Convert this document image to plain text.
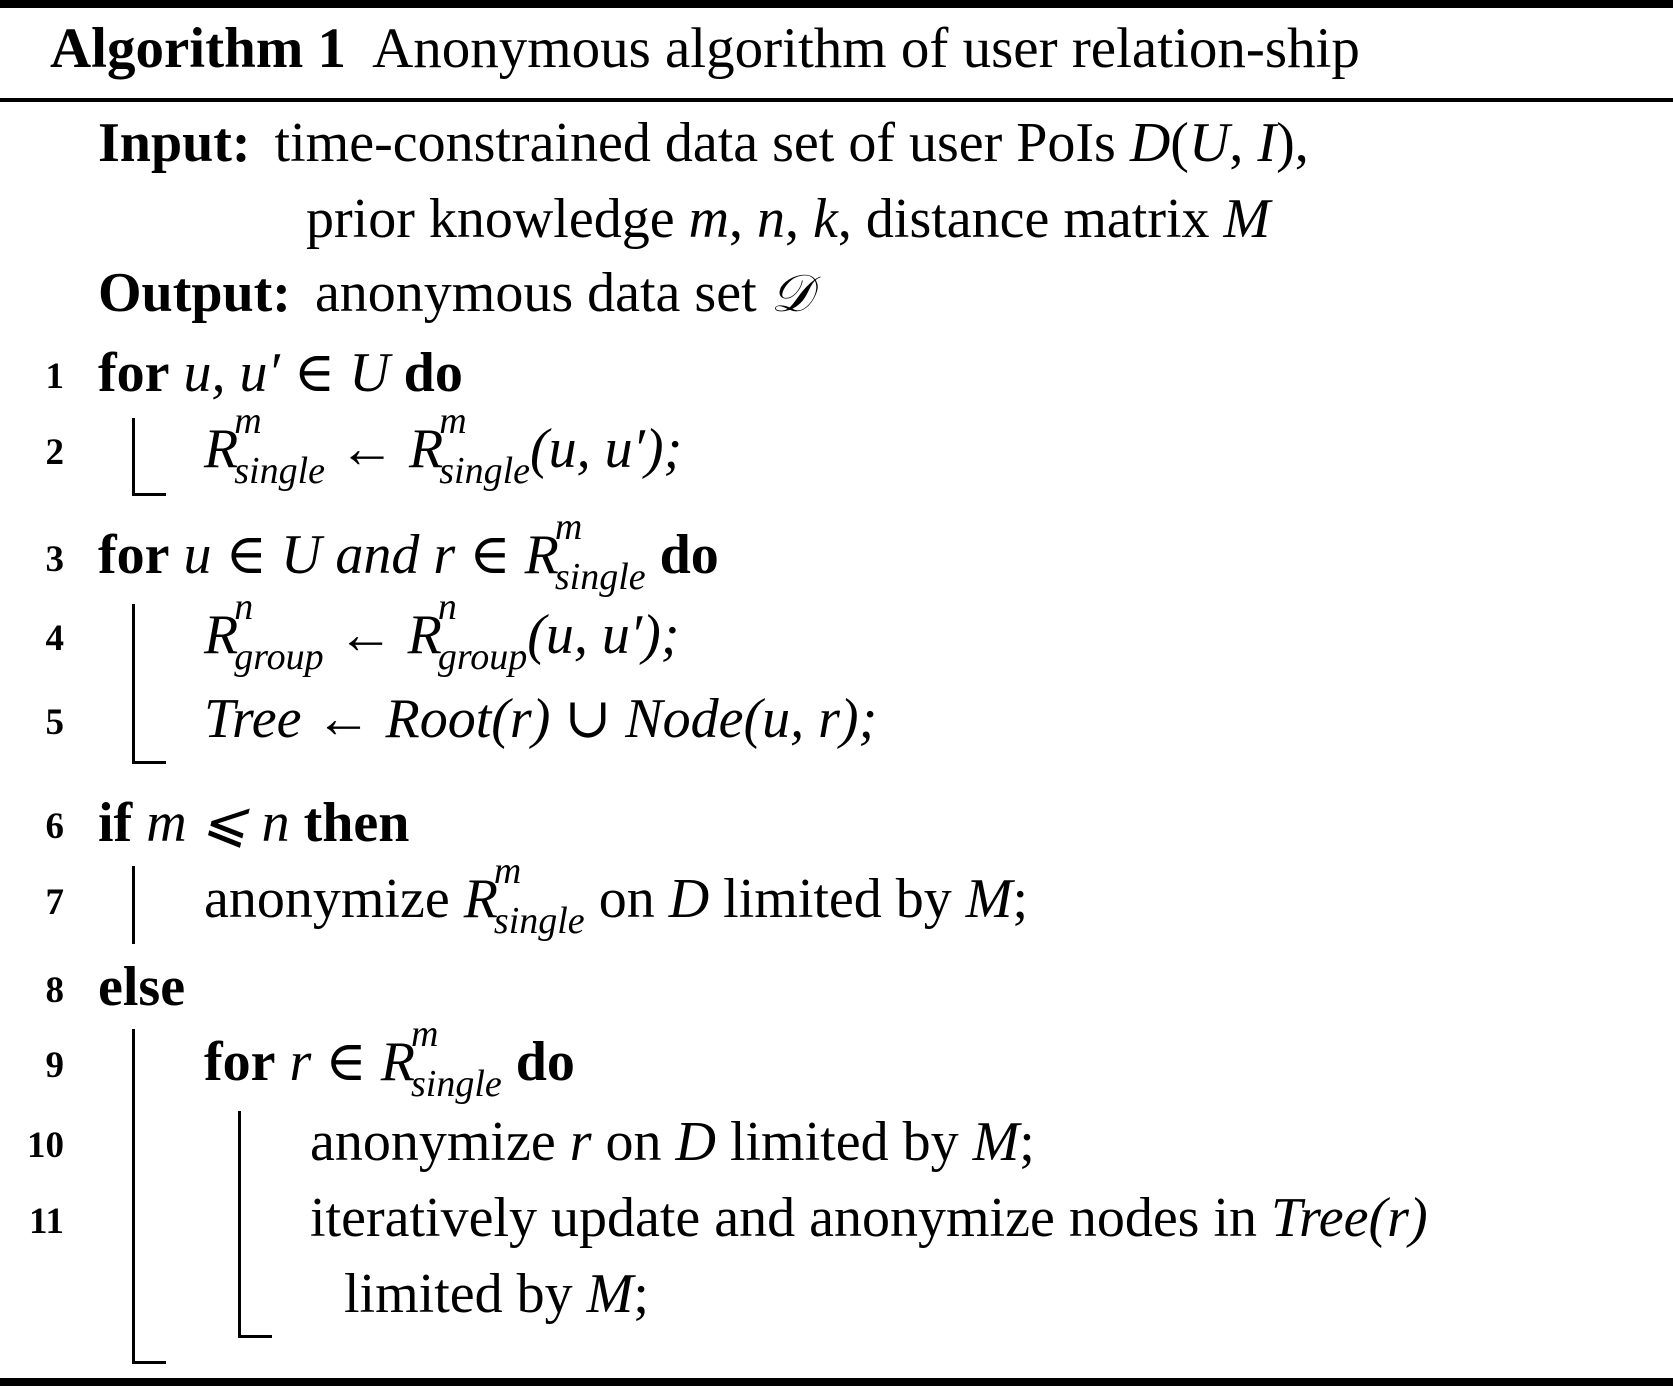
Algorithm 1 Anonymous algorithm of user relation-ship
Input: time-constrained data set of user PoIs D(U, I),
prior knowledge m, n, k, distance matrix M
Output: anonymous data set 𝒟
1
2
3
4
5
6
7
8
9
10
11
for u, u′ ∈ U do
R
m
single ← R
m
single(u, u′);
for u ∈ U and r ∈ R
m
single do
R
n
group ← R
n
group(u, u′);
Tree ← Root(r) ∪ Node(u, r);
if m ⩽ n then
anonymize R
m
single on D limited by M;
else
for r ∈ R
m
single do
anonymize r on D limited by M;
iteratively update and anonymize nodes in Tree(r)
limited by M;
